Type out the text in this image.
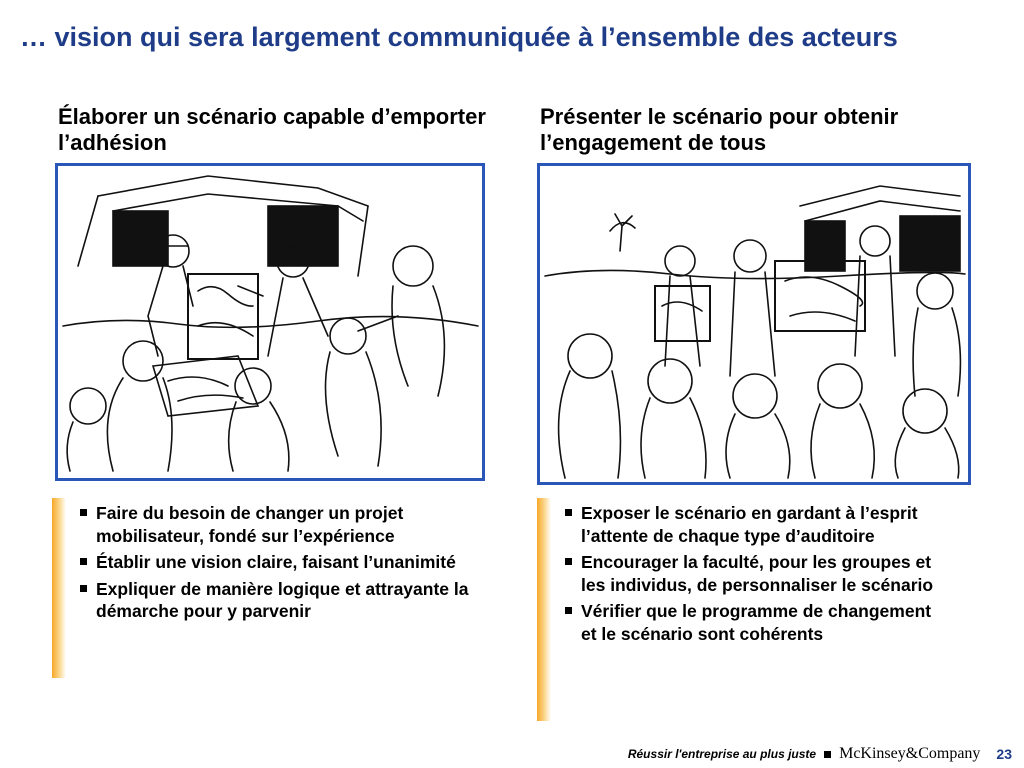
… vision qui sera largement communiquée à l’ensemble des acteurs
Élaborer un scénario capable d’emporter l’adhésion
Faire du besoin de changer un projet mobilisateur, fondé sur l’expérience
Établir une vision claire, faisant l’unanimité
Expliquer de manière logique et attrayante la démarche pour y parvenir
Présenter le scénario pour obtenir l’engagement de tous
Exposer le scénario en gardant à l’esprit l’attente de chaque type d’auditoire
Encourager la faculté, pour les groupes et les individus, de personnaliser le scénario
Vérifier que le programme de changement et le scénario sont cohérents
Réussir l'entreprise au plus juste McKinsey&Company 23
